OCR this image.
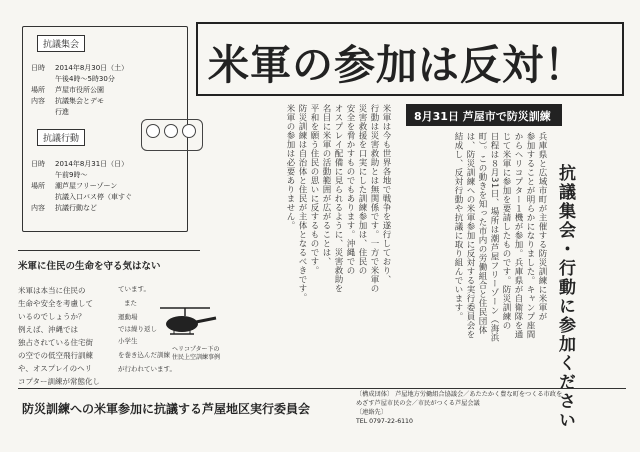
抗議集会
日時 2014年8月30日（土）
午後4時～5時30分
場所 芦屋市役所公園
内容 抗議集会とデモ
行進
抗議行動
日時 2014年8月31日（日）
午前9時～
場所 潮芦屋フリーゾーン
抗議入口バス停（車すぐ
内容 抗議行動など
米軍に住民の生命を守る気はない
米軍は本当に住民の
生命や安全を考慮して
いるのでしょうか？
例えば、沖縄では
独占されている住宅街
の空での低空飛行訓練
や、オスプレイのヘリ
コプター訓練が常態化し
ています。
また
運動場
では繰り返し
小学生
を巻き込んだ訓練
が行われています。
ヘリコプター下の
住民上空訓練事例
米軍の参加は反対！
8月31日 芦屋市で防災訓練
抗議集会・行動に参加ください
兵庫県と広域市町が主催する防災訓練に米軍が
参加することが明らかになりました。キャンプ座間
からヘリコプター１機が参加。兵庫県が自衛隊を通
じて米軍に参加を要請したものです。防災訓練の
日程は８月31日、場所は潮芦屋フリーゾーン（海浜
町）。この動きを知った市内の労働組合と住民団体
は、防災訓練への米軍参加に反対する実行委員会を
結成し、反対行動や抗議に取り組んでいます。
米軍は今も世界各地で戦争を遂行しており、
行動は災害救助とは無関係です。一方で米軍の
災害救援を口実にした訓練参加は、住民の
安全を脅かすものでもあります。沖縄での
オスプレイ配備に見られるように、災害救助を
名目に米軍の活動範囲が広がることは、
平和を願う住民の思いに反するものです。
防災訓練は自治体と住民が主体となるべきです。
米軍の参加は必要ありません。
防災訓練への米軍参加に抗議する芦屋地区実行委員会
〔構成団体〕 芦屋地方労働組合協議会／あたたかく豊な町をつくる市政を
めざす芦屋市民の会／市民がつくる芦屋会議
〔連絡先〕
TEL 0797-22-6110
